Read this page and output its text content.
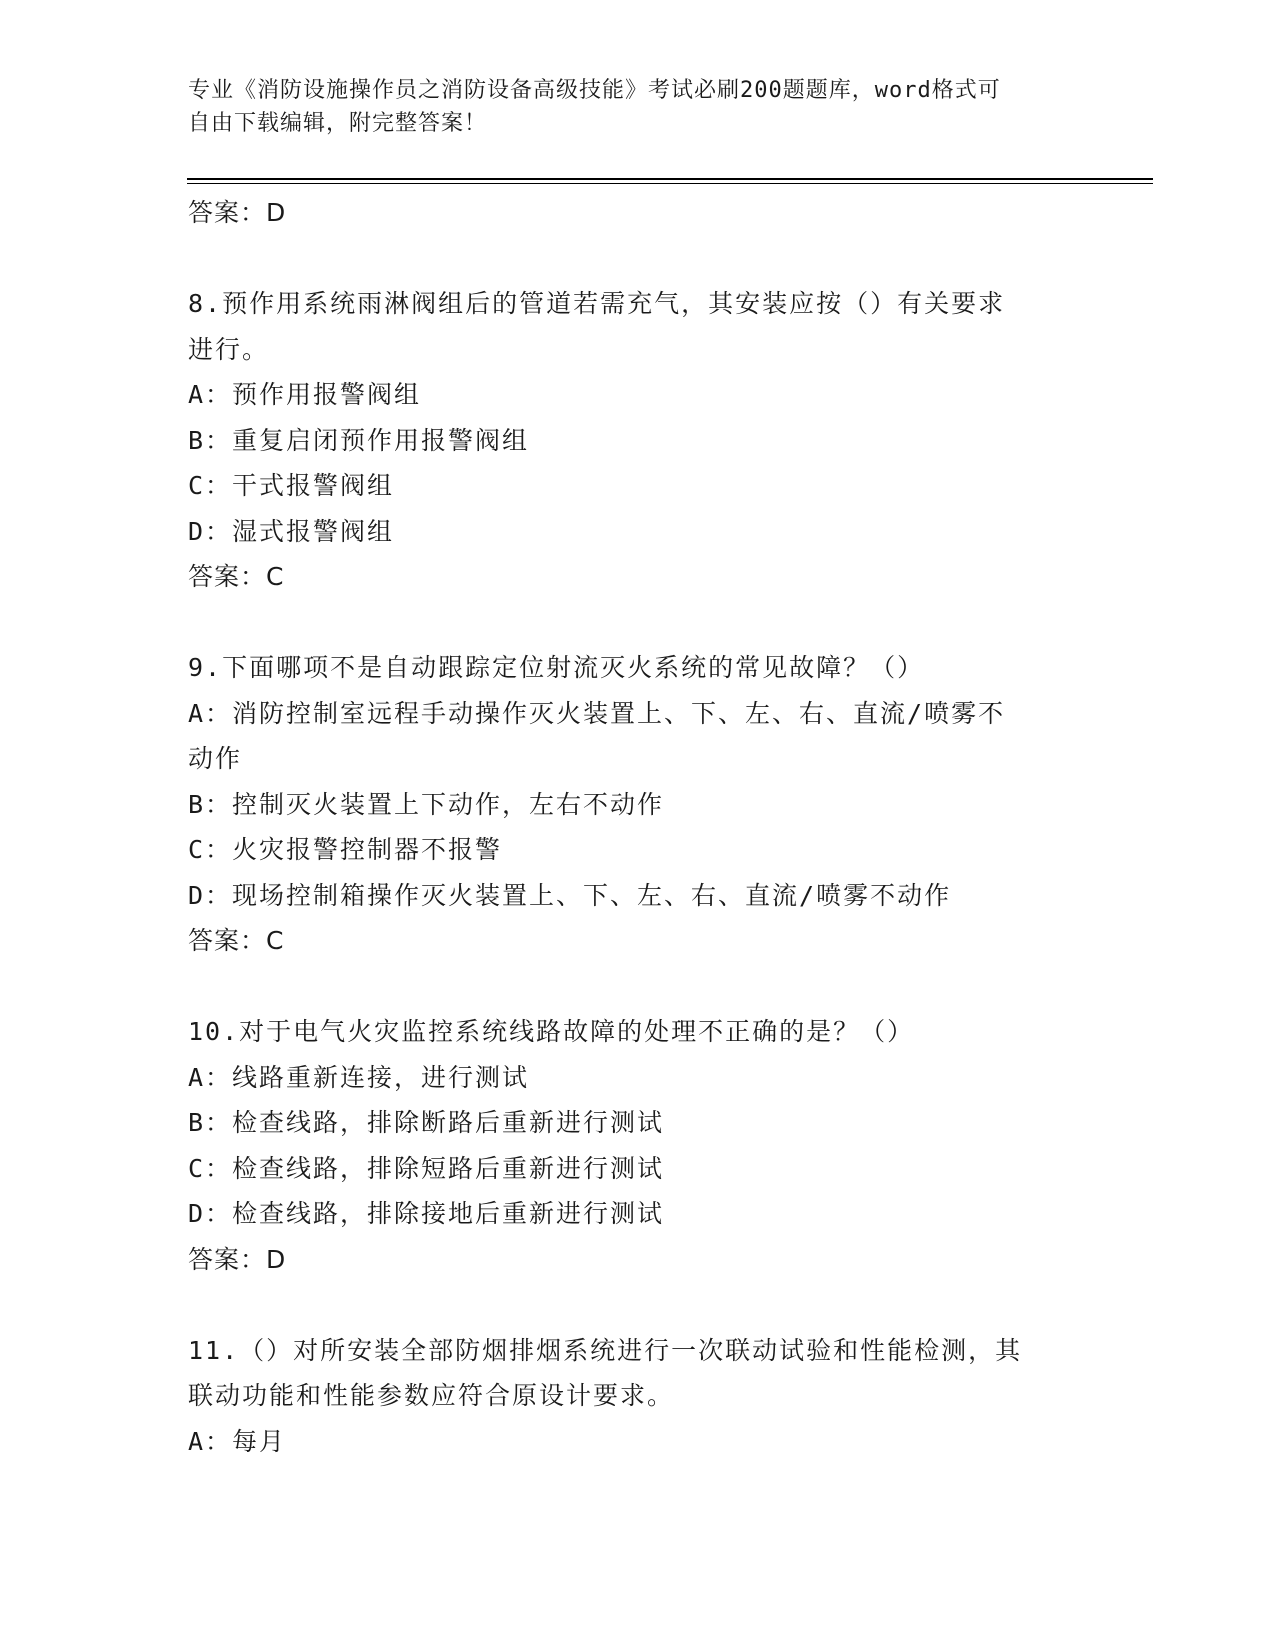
专业《消防设施操作员之消防设备高级技能》考试必刷200题题库，word格式可
自由下载编辑，附完整答案！
答案：D
8.预作用系统雨淋阀组后的管道若需充气，其安装应按（）有关要求
进行。
A：预作用报警阀组
B：重复启闭预作用报警阀组
C：干式报警阀组
D：湿式报警阀组
答案：C
9.下面哪项不是自动跟踪定位射流灭火系统的常见故障？（）
A：消防控制室远程手动操作灭火装置上、下、左、右、直流/喷雾不
动作
B：控制灭火装置上下动作，左右不动作
C：火灾报警控制器不报警
D：现场控制箱操作灭火装置上、下、左、右、直流/喷雾不动作
答案：C
10.对于电气火灾监控系统线路故障的处理不正确的是？（）
A：线路重新连接，进行测试
B：检查线路，排除断路后重新进行测试
C：检查线路，排除短路后重新进行测试
D：检查线路，排除接地后重新进行测试
答案：D
11.（）对所安装全部防烟排烟系统进行一次联动试验和性能检测，其
联动功能和性能参数应符合原设计要求。
A：每月
